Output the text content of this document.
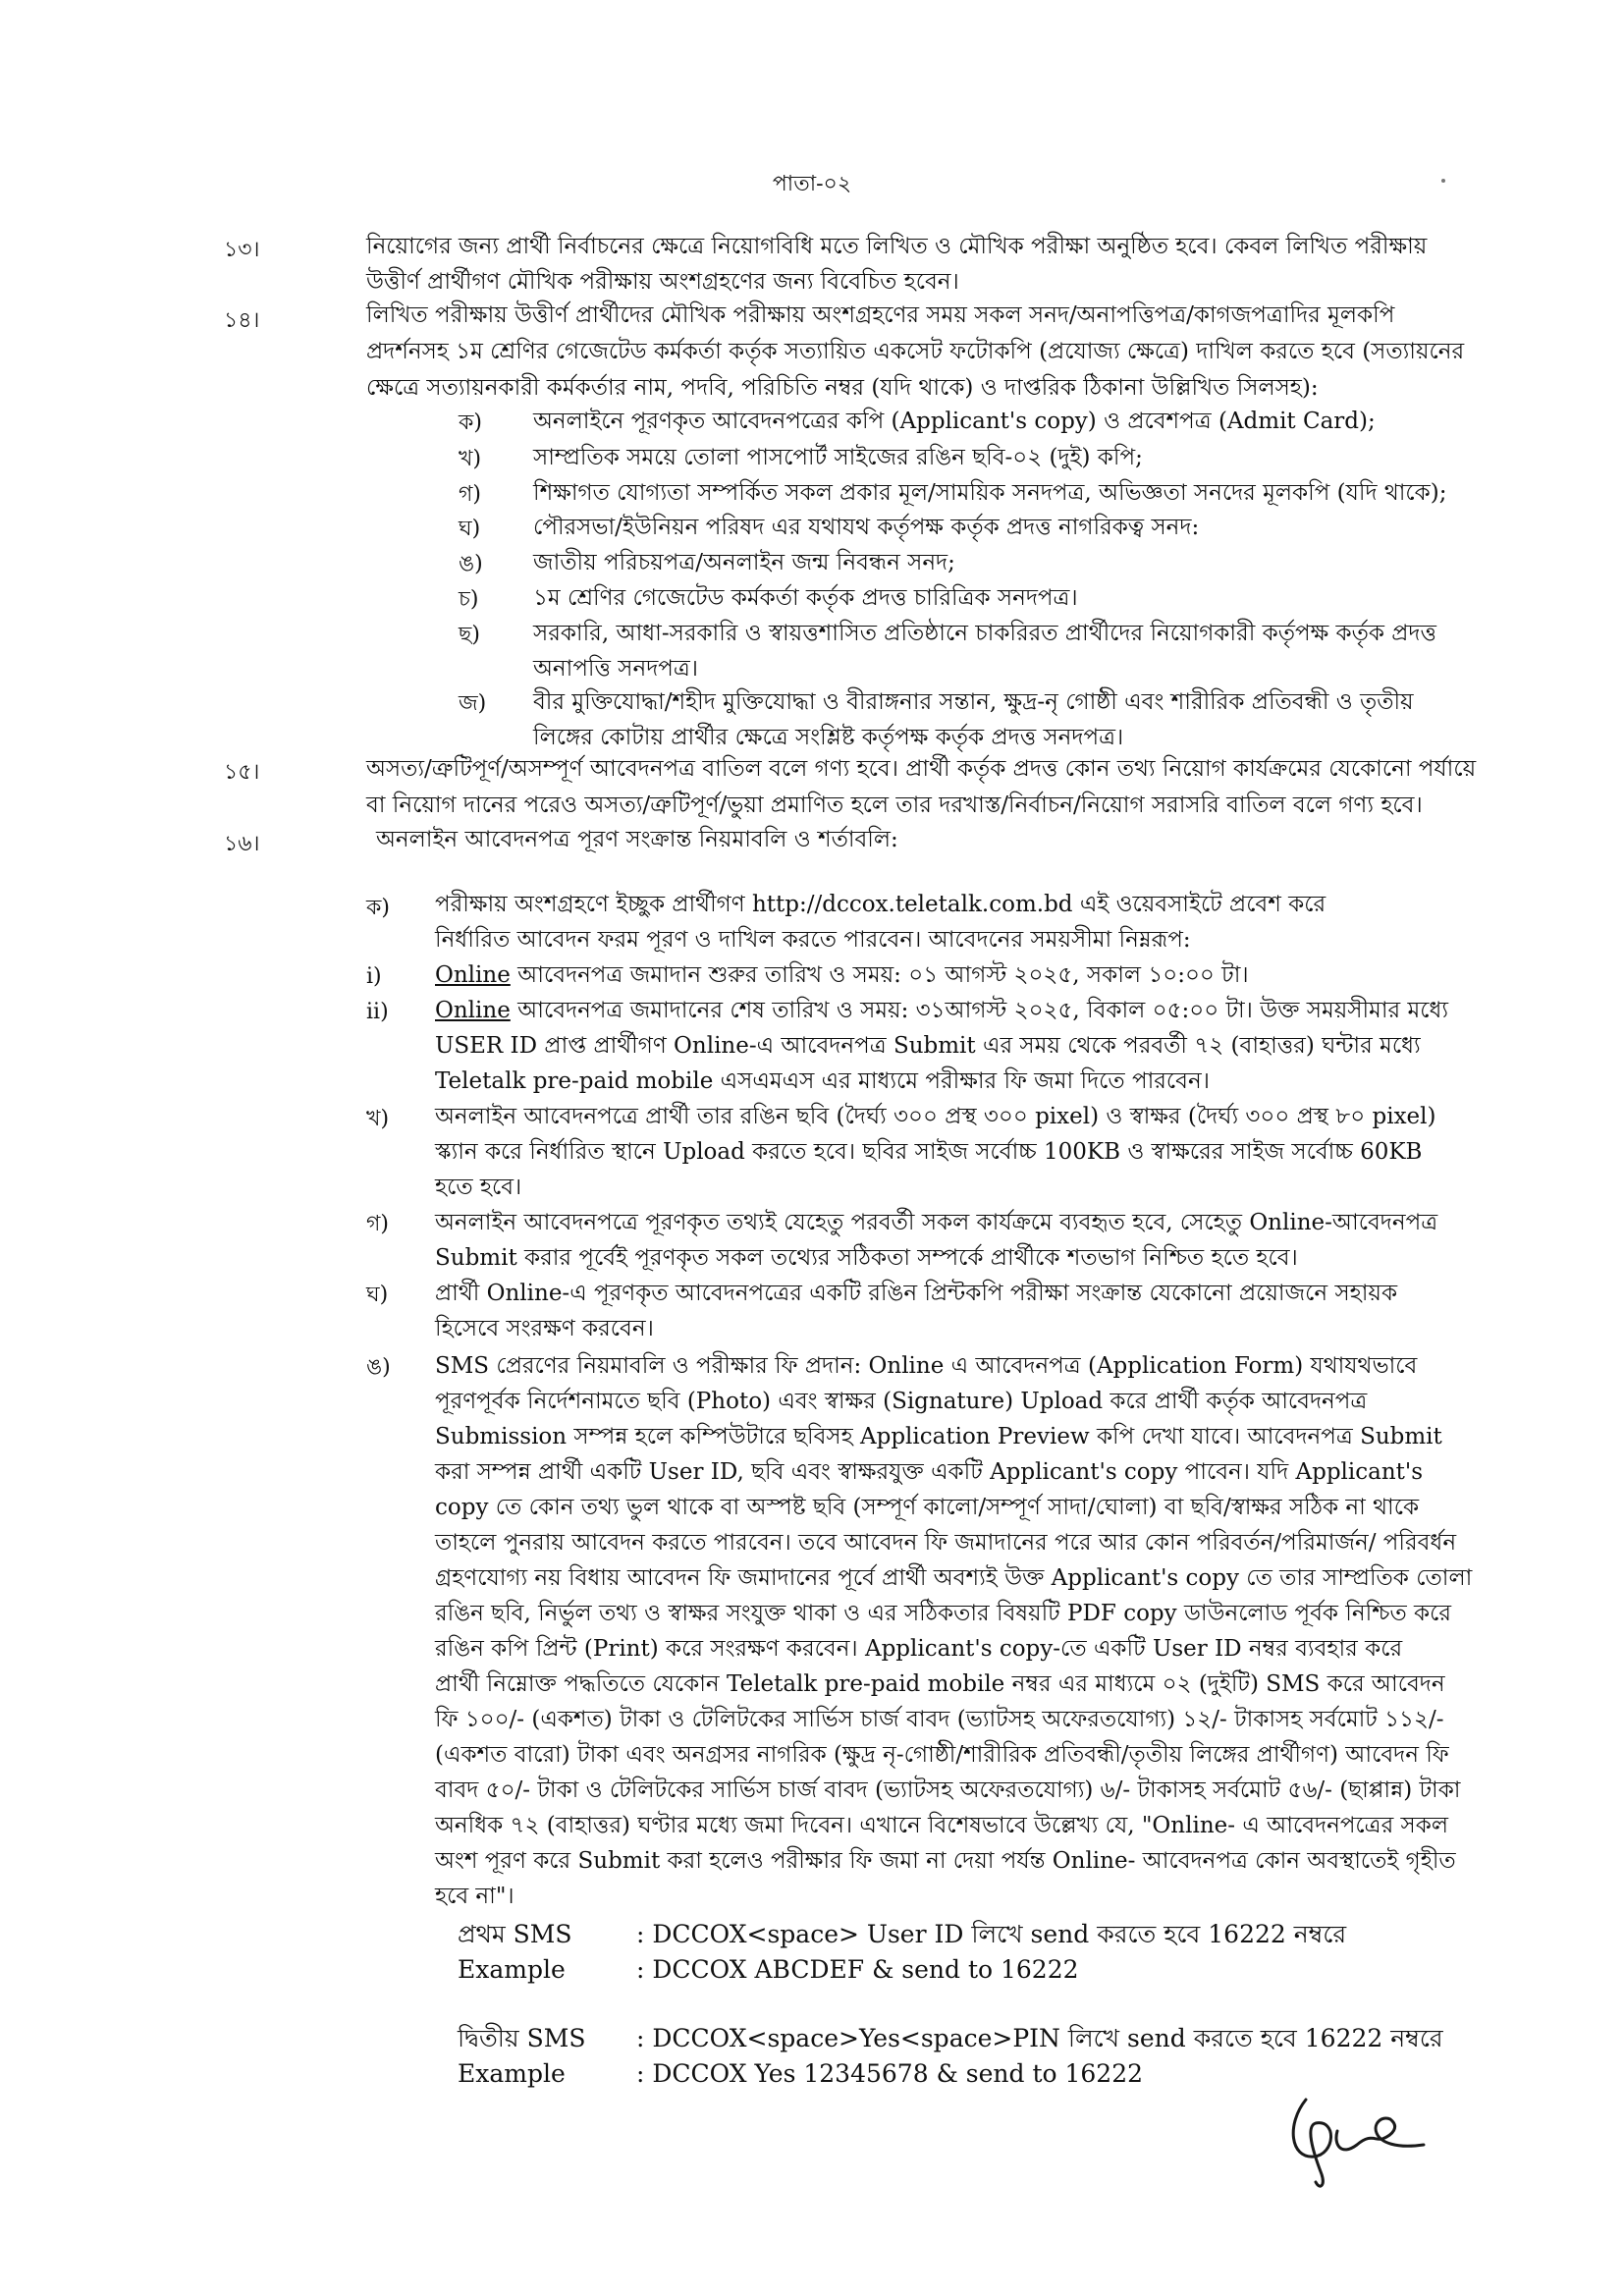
পাতা-০২
১৩।	নিয়োগের জন্য প্রার্থী নির্বাচনের ক্ষেত্রে নিয়োগবিধি মতে লিখিত ও মৌখিক পরীক্ষা অনুষ্ঠিত হবে। কেবল লিখিত পরীক্ষায়
উত্তীর্ণ প্রার্থীগণ মৌখিক পরীক্ষায় অংশগ্রহণের জন্য বিবেচিত হবেন।
১৪।	লিখিত পরীক্ষায় উত্তীর্ণ প্রার্থীদের মৌখিক পরীক্ষায় অংশগ্রহণের সময় সকল সনদ/অনাপত্তিপত্র/কাগজপত্রাদির মূলকপি
প্রদর্শনসহ ১ম শ্রেণির গেজেটেড কর্মকর্তা কর্তৃক সত্যায়িত একসেট ফটোকপি (প্রযোজ্য ক্ষেত্রে) দাখিল করতে হবে (সত্যায়নের
ক্ষেত্রে সত্যায়নকারী কর্মকর্তার নাম, পদবি, পরিচিতি নম্বর (যদি থাকে) ও দাপ্তরিক ঠিকানা উল্লিখিত সিলসহ):
ক) অনলাইনে পূরণকৃত আবেদনপত্রের কপি (Applicant's copy) ও প্রবেশপত্র (Admit Card);
খ) সাম্প্রতিক সময়ে তোলা পাসপোর্ট সাইজের রঙিন ছবি-০২ (দুই) কপি;
গ) শিক্ষাগত যোগ্যতা সম্পর্কিত সকল প্রকার মূল/সাময়িক সনদপত্র, অভিজ্ঞতা সনদের মূলকপি (যদি থাকে);
ঘ) পৌরসভা/ইউনিয়ন পরিষদ এর যথাযথ কর্তৃপক্ষ কর্তৃক প্রদত্ত নাগরিকত্ব সনদ:
ঙ) জাতীয় পরিচয়পত্র/অনলাইন জন্ম নিবন্ধন সনদ;
চ) ১ম শ্রেণির গেজেটেড কর্মকর্তা কর্তৃক প্রদত্ত চারিত্রিক সনদপত্র।
ছ) সরকারি, আধা-সরকারি ও স্বায়ত্তশাসিত প্রতিষ্ঠানে চাকরিরত প্রার্থীদের নিয়োগকারী কর্তৃপক্ষ কর্তৃক প্রদত্ত
অনাপত্তি সনদপত্র।
জ) বীর মুক্তিযোদ্ধা/শহীদ মুক্তিযোদ্ধা ও বীরাঙ্গনার সন্তান, ক্ষুদ্র-নৃ গোষ্ঠী এবং শারীরিক প্রতিবন্ধী ও তৃতীয়
লিঙ্গের কোটায় প্রার্থীর ক্ষেত্রে সংশ্লিষ্ট কর্তৃপক্ষ কর্তৃক প্রদত্ত সনদপত্র।
১৫।	অসত্য/ত্রুটিপূর্ণ/অসম্পূর্ণ আবেদনপত্র বাতিল বলে গণ্য হবে। প্রার্থী কর্তৃক প্রদত্ত কোন তথ্য নিয়োগ কার্যক্রমের যেকোনো পর্যায়ে
বা নিয়োগ দানের পরেও অসত্য/ত্রুটিপূর্ণ/ভুয়া প্রমাণিত হলে তার দরখাস্ত/নির্বাচন/নিয়োগ সরাসরি বাতিল বলে গণ্য হবে।
১৬।	অনলাইন আবেদনপত্র পূরণ সংক্রান্ত নিয়মাবলি ও শর্তাবলি:
ক) পরীক্ষায় অংশগ্রহণে ইচ্ছুক প্রার্থীগণ http://dccox.teletalk.com.bd এই ওয়েবসাইটে প্রবেশ করে
নির্ধারিত আবেদন ফরম পূরণ ও দাখিল করতে পারবেন। আবেদনের সময়সীমা নিম্নরূপ:
i) Online আবেদনপত্র জমাদান শুরুর তারিখ ও সময়: ০১ আগস্ট ২০২৫, সকাল ১০:০০ টা।
ii) Online আবেদনপত্র জমাদানের শেষ তারিখ ও সময়: ৩১আগস্ট ২০২৫, বিকাল ০৫:০০ টা। উক্ত সময়সীমার মধ্যে
USER ID প্রাপ্ত প্রার্থীগণ Online-এ আবেদনপত্র Submit এর সময় থেকে পরবর্তী ৭২ (বাহাত্তর) ঘন্টার মধ্যে
Teletalk pre-paid mobile এসএমএস এর মাধ্যমে পরীক্ষার ফি জমা দিতে পারবেন।
খ) অনলাইন আবেদনপত্রে প্রার্থী তার রঙিন ছবি (দৈর্ঘ্য ৩০০ প্রস্থ ৩০০ pixel) ও স্বাক্ষর (দৈর্ঘ্য ৩০০ প্রস্থ ৮০ pixel)
স্ক্যান করে নির্ধারিত স্থানে Upload করতে হবে। ছবির সাইজ সর্বোচ্চ 100KB ও স্বাক্ষরের সাইজ সর্বোচ্চ 60KB
হতে হবে।
গ) অনলাইন আবেদনপত্রে পূরণকৃত তথ্যই যেহেতু পরবর্তী সকল কার্যক্রমে ব্যবহৃত হবে, সেহেতু Online-আবেদনপত্র
Submit করার পূর্বেই পূরণকৃত সকল তথ্যের সঠিকতা সম্পর্কে প্রার্থীকে শতভাগ নিশ্চিত হতে হবে।
ঘ) প্রার্থী Online-এ পূরণকৃত আবেদনপত্রের একটি রঙিন প্রিন্টকপি পরীক্ষা সংক্রান্ত যেকোনো প্রয়োজনে সহায়ক
হিসেবে সংরক্ষণ করবেন।
ঙ) SMS প্রেরণের নিয়মাবলি ও পরীক্ষার ফি প্রদান: Online এ আবেদনপত্র (Application Form) যথাযথভাবে
পূরণপূর্বক নির্দেশনামতে ছবি (Photo) এবং স্বাক্ষর (Signature) Upload করে প্রার্থী কর্তৃক আবেদনপত্র
Submission সম্পন্ন হলে কম্পিউটারে ছবিসহ Application Preview কপি দেখা যাবে। আবেদনপত্র Submit
করা সম্পন্ন প্রার্থী একটি User ID, ছবি এবং স্বাক্ষরযুক্ত একটি Applicant's copy পাবেন। যদি Applicant's
copy তে কোন তথ্য ভুল থাকে বা অস্পষ্ট ছবি (সম্পূর্ণ কালো/সম্পূর্ণ সাদা/ঘোলা) বা ছবি/স্বাক্ষর সঠিক না থাকে
তাহলে পুনরায় আবেদন করতে পারবেন। তবে আবেদন ফি জমাদানের পরে আর কোন পরিবর্তন/পরিমার্জন/ পরিবর্ধন
গ্রহণযোগ্য নয় বিধায় আবেদন ফি জমাদানের পূর্বে প্রার্থী অবশ্যই উক্ত Applicant's copy তে তার সাম্প্রতিক তোলা
রঙিন ছবি, নির্ভুল তথ্য ও স্বাক্ষর সংযুক্ত থাকা ও এর সঠিকতার বিষয়টি PDF copy ডাউনলোড পূর্বক নিশ্চিত করে
রঙিন কপি প্রিন্ট (Print) করে সংরক্ষণ করবেন। Applicant's copy-তে একটি User ID নম্বর ব্যবহার করে
প্রার্থী নিম্নোক্ত পদ্ধতিতে যেকোন Teletalk pre-paid mobile নম্বর এর মাধ্যমে ০২ (দুইটি) SMS করে আবেদন
ফি ১০০/- (একশত) টাকা ও টেলিটকের সার্ভিস চার্জ বাবদ (ভ্যাটসহ অফেরতযোগ্য) ১২/- টাকাসহ সর্বমোট ১১২/-
(একশত বারো) টাকা এবং অনগ্রসর নাগরিক (ক্ষুদ্র নৃ-গোষ্ঠী/শারীরিক প্রতিবন্ধী/তৃতীয় লিঙ্গের প্রার্থীগণ) আবেদন ফি
বাবদ ৫০/- টাকা ও টেলিটকের সার্ভিস চার্জ বাবদ (ভ্যাটসহ অফেরতযোগ্য) ৬/- টাকাসহ সর্বমোট ৫৬/- (ছাপ্পান্ন) টাকা
অনধিক ৭২ (বাহাত্তর) ঘণ্টার মধ্যে জমা দিবেন। এখানে বিশেষভাবে উল্লেখ্য যে, "Online- এ আবেদনপত্রের সকল
অংশ পূরণ করে Submit করা হলেও পরীক্ষার ফি জমা না দেয়া পর্যন্ত Online- আবেদনপত্র কোন অবস্থাতেই গৃহীত
হবে না"।
প্রথম SMS	: DCCOX<space> User ID লিখে send করতে হবে 16222 নম্বরে
Example	: DCCOX ABCDEF & send to 16222
দ্বিতীয় SMS : DCCOX<space>Yes<space>PIN লিখে send করতে হবে 16222 নম্বরে
Example	: DCCOX Yes 12345678 & send to 16222
